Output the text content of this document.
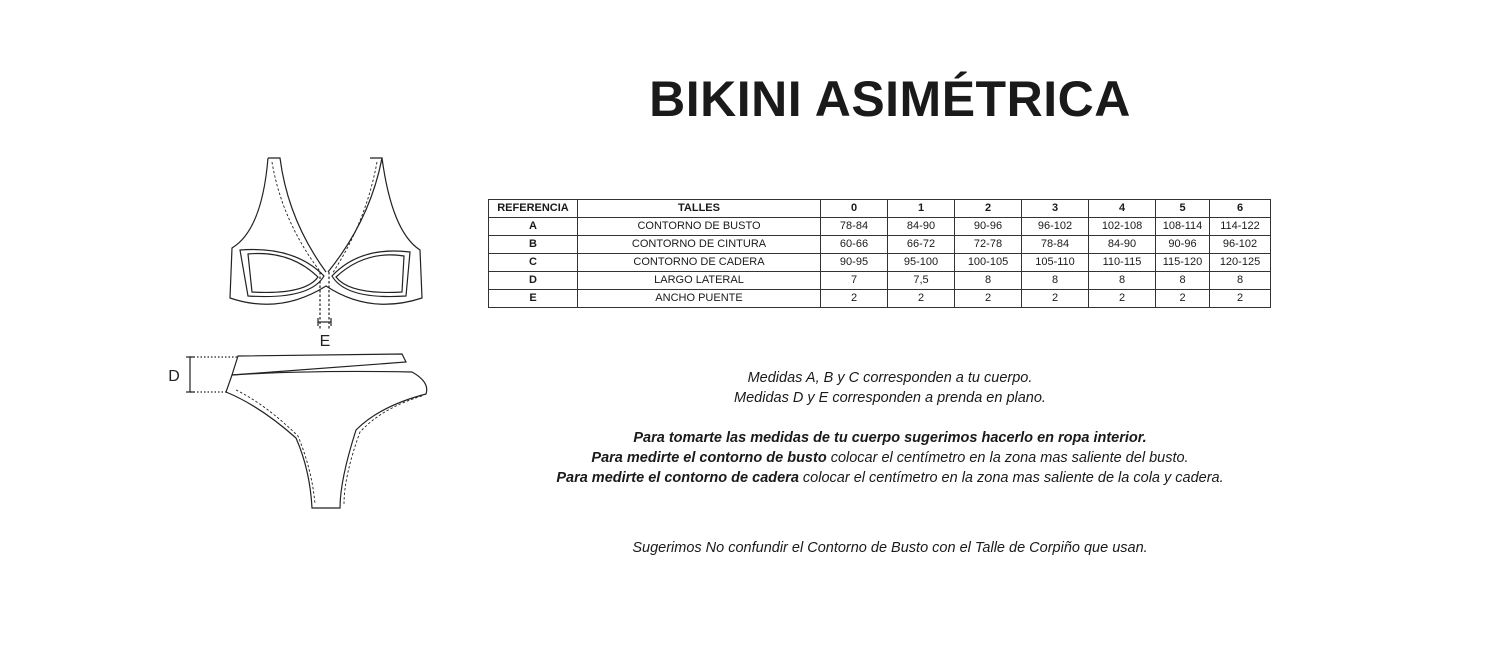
BIKINI ASIMÉTRICA
E
D
REFERENCIA	TALLES	0	1	2	3	4	5	6
A	CONTORNO DE BUSTO	78-84	84-90	90-96	96-102	102-108	108-114	114-122
B	CONTORNO DE CINTURA	60-66	66-72	72-78	78-84	84-90	90-96	96-102
C	CONTORNO DE CADERA	90-95	95-100	100-105	105-110	110-115	115-120	120-125
D	LARGO LATERAL	7	7,5	8	8	8	8	8
E	ANCHO PUENTE	2	2	2	2	2	2	2

Medidas A, B y C corresponden a tu cuerpo.

Medidas D y E corresponden a prenda en plano.

Para tomarte las medidas de tu cuerpo sugerimos hacerlo en ropa interior.

Para medirte el contorno de busto colocar el centímetro en la zona mas saliente del busto.

Para medirte el contorno de cadera colocar el centímetro en la zona mas saliente de la cola y cadera.

Sugerimos No confundir el Contorno de Busto con el Talle de Corpiño que usan.
